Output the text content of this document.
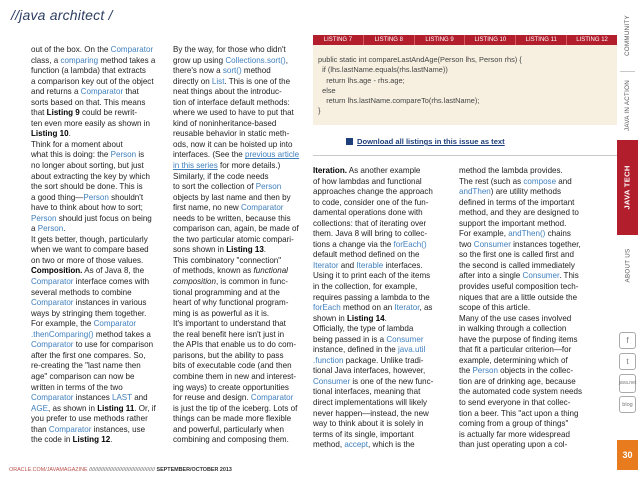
//java architect /
out of the box. On the Comparator
class, a comparing method takes a
function (a lambda) that extracts
a comparison key out of the object
and returns a Comparator that
sorts based on that. This means
that Listing 9 could be rewrit-
ten even more easily as shown in
Listing 10.
Think for a moment about
what this is doing: the Person is
no longer about sorting, but just
about extracting the key by which
the sort should be done. This is
a good thing—Person shouldn't
have to think about how to sort;
Person should just focus on being
a Person.
It gets better, though, particularly
when we want to compare based
on two or more of those values.
Composition. As of Java 8, the
Comparator interface comes with
several methods to combine
Comparator instances in various
ways by stringing them together.
For example, the Comparator
.thenComparing() method takes a
Comparator to use for comparison
after the first one compares. So,
re-creating the "last name then
age" comparison can now be
written in terms of the two
Comparator instances LAST and
AGE, as shown in Listing 11. Or, if
you prefer to use methods rather
than Comparator instances, use
the code in Listing 12.
By the way, for those who didn't
grow up using Collections.sort(),
there's now a sort() method
directly on List. This is one of the
neat things about the introduc-
tion of interface default methods:
where we used to have to put that
kind of noninheritance-based
reusable behavior in static meth-
ods, now it can be hoisted up into
interfaces. (See the previous article
in this series for more details.)
Similarly, if the code needs
to sort the collection of Person
objects by last name and then by
first name, no new Comparator
needs to be written, because this
comparison can, again, be made of
the two particular atomic compari-
sons shown in Listing 13.
This combinatory "connection"
of methods, known as functional
composition, is common in func-
tional programming and at the
heart of why functional program-
ming is as powerful as it is.
It's important to understand that
the real benefit here isn't just in
the APIs that enable us to do com-
parisons, but the ability to pass
bits of executable code (and then
combine them in new and interest-
ing ways) to create opportunities
for reuse and design. Comparator
is just the tip of the iceberg. Lots of
things can be made more flexible
and powerful, particularly when
combining and composing them.
LISTING 7	LISTING 8	LISTING 9	LISTING 10	LISTING 11	LISTING 12
public static int compareLastAndAge(Person lhs, Person rhs) {
if (lhs.lastName.equals(rhs.lastName))
return lhs.age - rhs.age;
else
return lhs.lastName.compareTo(rhs.lastName);
}
Download all listings in this issue as text
Iteration. As another example
of how lambdas and functional
approaches change the approach
to code, consider one of the fun-
damental operations done with
collections: that of iterating over
them. Java 8 will bring to collec-
tions a change via the forEach()
default method defined on the
Iterator and Iterable interfaces.
Using it to print each of the items
in the collection, for example,
requires passing a lambda to the
forEach method on an Iterator, as
shown in Listing 14.
Officially, the type of lambda
being passed in is a Consumer
instance, defined in the java.util
.function package. Unlike tradi-
tional Java interfaces, however,
Consumer is one of the new func-
tional interfaces, meaning that
direct implementations will likely
never happen—instead, the new
way to think about it is solely in
terms of its single, important
method, accept, which is the
method the lambda provides.
The rest (such as compose and
andThen) are utility methods
defined in terms of the important
method, and they are designed to
support the important method.
For example, andThen() chains
two Consumer instances together,
so the first one is called first and
the second is called immediately
after into a single Consumer. This
provides useful composition tech-
niques that are a little outside the
scope of this article.
Many of the use cases involved
in walking through a collection
have the purpose of finding items
that fit a particular criterion—for
example, determining which of
the Person objects in the collec-
tion are of drinking age, because
the automated code system needs
to send everyone in that collec-
tion a beer. This "act upon a thing
coming from a group of things"
is actually far more widespread
than just operating upon a col-
COMMUNITY
JAVA IN ACTION
JAVA TECH
ABOUT US
f
t
java.net
blog
30
ORACLE.COM/JAVAMAGAZINE //////////////////////////////////////////// SEPTEMBER/OCTOBER 2013
